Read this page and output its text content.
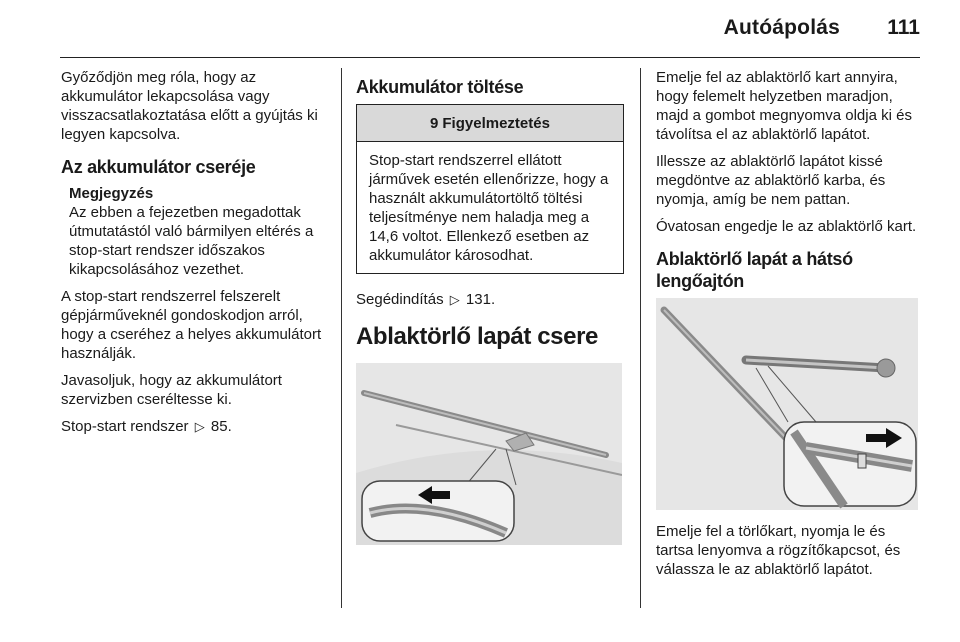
Autóápolás 111

Győződjön meg róla, hogy az akkumulátor lekapcsolása vagy visszacsatlakoztatása előtt a gyújtás ki legyen kapcsolva.

Az akkumulátor cseréje
Megjegyzés
Az ebben a fejezetben megadottak útmutatástól való bármilyen eltérés a stop-start rendszer időszakos kikapcsolásához vezethet.

A stop-start rendszerrel felszerelt gépjárműveknél gondoskodjon arról, hogy a cseréhez a helyes akkumulátort használják.

Javasoljuk, hogy az akkumulátort szervizben cseréltesse ki.

Stop-start rendszer ▷ 85.

Akkumulátor töltése
9 Figyelmeztetés
Stop-start rendszerrel ellátott járművek esetén ellenőrizze, hogy a használt akkumulátortöltő töltési teljesítménye nem haladja meg a 14,6 voltot. Ellenkező esetben az akkumulátor károsodhat.

Segédindítás ▷ 131.

Ablaktörlő lapát csere

Emelje fel az ablaktörlő kart annyira, hogy felemelt helyzetben maradjon, majd a gombot megnyomva oldja ki és távolítsa el az ablaktörlő lapátot.

Illessze az ablaktörlő lapátot kissé megdöntve az ablaktörlő karba, és nyomja, amíg be nem pattan.

Óvatosan engedje le az ablaktörlő kart.

Ablaktörlő lapát a hátsó lengőajtón

Emelje fel a törlőkart, nyomja le és tartsa lenyomva a rögzítőkapcsot, és válassza le az ablaktörlő lapátot.
